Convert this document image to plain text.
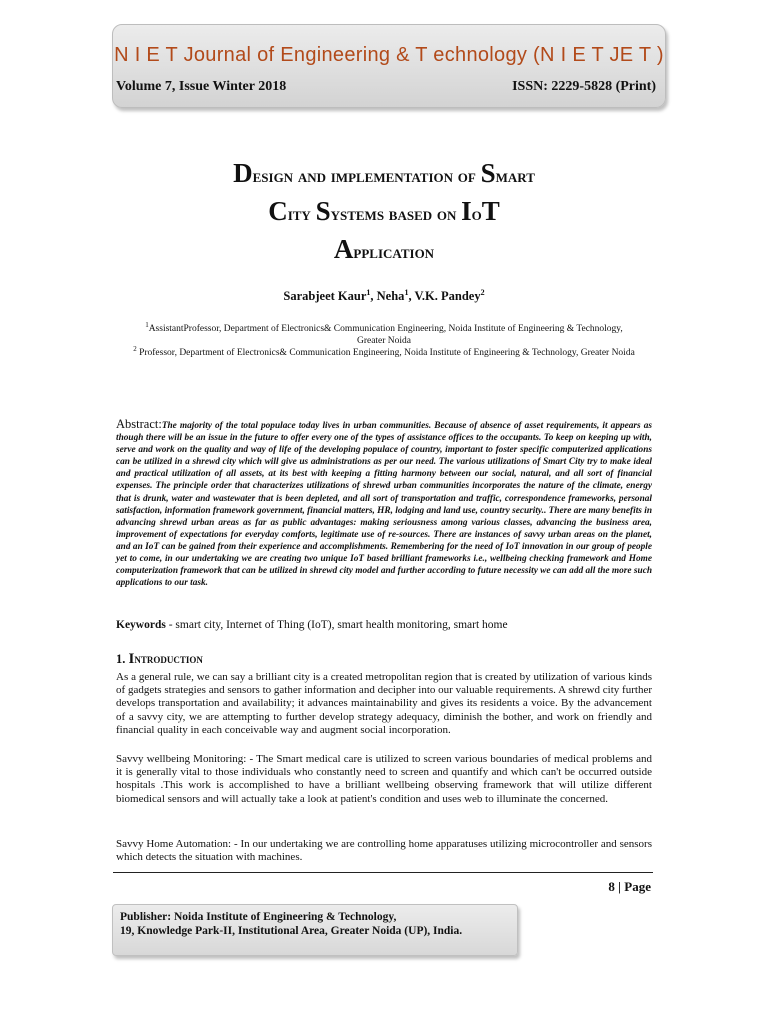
N I E T Journal of Engineering & T echnology (N I E T JE T )
Volume 7, Issue Winter 2018	ISSN: 2229-5828 (Print)
Design and implementation of Smart
City Systems based on IoT
Application
Sarabjeet Kaur$^1$, Neha$^1$, V.K. Pandey$^2$
$^1$AssistantProfessor, Department of Electronics& Communication Engineering, Noida Institute of Engineering & Technology, Greater Noida
$^2$ Professor, Department of Electronics& Communication Engineering, Noida Institute of Engineering & Technology, Greater Noida
Abstract:The majority of the total populace today lives in urban communities. Because of absence of asset requirements, it appears as though there will be an issue in the future to offer every one of the types of assistance offices to the occupants. To keep on keeping up with, serve and work on the quality and way of life of the developing populace of country, important to foster specific computerized applications can be utilized in a shrewd city which will give us administrations as per our need. The various utilizations of Smart City try to make ideal and practical utilization of all assets, at its best with keeping a fitting harmony between our social, natural, and all sort of financial expenses. The principle order that characterizes utilizations of shrewd urban communities incorporates the nature of the climate, energy that is drunk, water and wastewater that is been depleted, and all sort of transportation and traffic, correspondence frameworks, personal satisfaction, information framework government, financial matters, HR, lodging and land use, country security.. There are many benefits in advancing shrewd urban areas as far as public advantages: making seriousness among various classes, advancing the business area, improvement of expectations for everyday comforts, legitimate use of re-sources. There are instances of savvy urban areas on the planet, and an IoT can be gained from their experience and accomplishments. Remembering for the need of IoT innovation in our group of people yet to come, in our undertaking we are creating two unique IoT based brilliant frameworks i.e., wellbeing checking framework and Home computerization framework that can be utilized in shrewd city model and further according to future necessity we can add all the more such applications to our task.
Keywords - smart city, Internet of Thing (IoT), smart health monitoring, smart home
1. Introduction
As a general rule, we can say a brilliant city is a created metropolitan region that is created by utilization of various kinds of gadgets strategies and sensors to gather information and decipher into our valuable requirements. A shrewd city further develops transportation and availability; it advances maintainability and gives its residents a voice. By the advancement of a savvy city, we are attempting to further develop strategy adequacy, diminish the bother, and work on friendly and financial quality in each conceivable way and augment social incorporation.
Savvy wellbeing Monitoring: - The Smart medical care is utilized to screen various boundaries of medical problems and it is generally vital to those individuals who constantly need to screen and quantify and which can't be occurred outside hospitals .This work is accomplished to have a brilliant wellbeing observing framework that will utilize different biomedical sensors and will actually take a look at patient's condition and uses web to illuminate the concerned.
Savvy Home Automation: - In our undertaking we are controlling home apparatuses utilizing microcontroller and sensors which detects the situation with machines.
8 | Page
Publisher: Noida Institute of Engineering & Technology,
19, Knowledge Park-II, Institutional Area, Greater Noida (UP), India.
